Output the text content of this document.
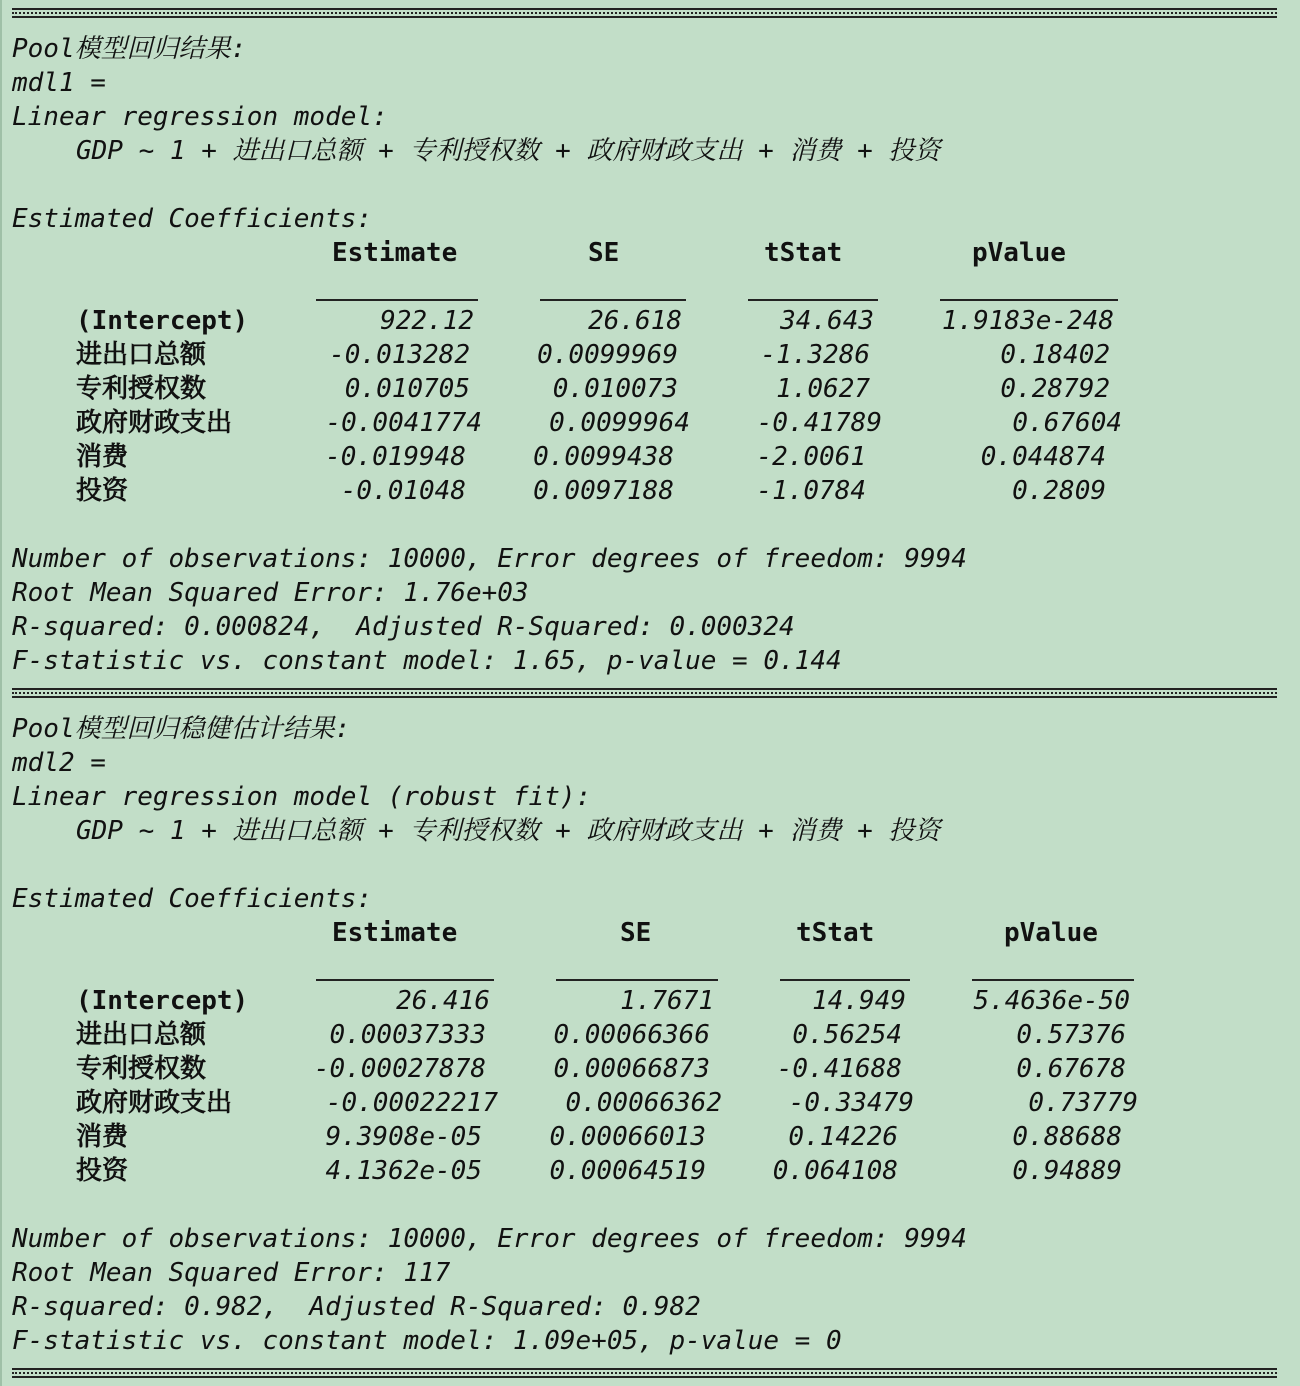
Pool模型回归结果:
mdl1 =
Linear regression model:
GDP ~ 1 + 进出口总额 + 专利授权数 + 政府财政支出 + 消费 + 投资
Estimated Coefficients:
Estimate	SE	tStat	pValue
(Intercept)	922.12	26.618	34.643	1.9183e-248
进出口总额	-0.013282	0.0099969	-1.3286	0.18402
专利授权数	0.010705	0.010073	1.0627	0.28792
政府财政支出	-0.0041774	0.0099964	-0.41789	0.67604
消费	-0.019948	0.0099438	-2.0061	0.044874
投资	-0.01048	0.0097188	-1.0784	0.2809
Number of observations: 10000, Error degrees of freedom: 9994
Root Mean Squared Error: 1.76e+03
R-squared: 0.000824,  Adjusted R-Squared: 0.000324
F-statistic vs. constant model: 1.65, p-value = 0.144
Pool模型回归稳健估计结果:
mdl2 =
Linear regression model (robust fit):
GDP ~ 1 + 进出口总额 + 专利授权数 + 政府财政支出 + 消费 + 投资
Estimated Coefficients:
Estimate	SE	tStat	pValue
(Intercept)	26.416	1.7671	14.949	5.4636e-50
进出口总额	0.00037333	0.00066366	0.56254	0.57376
专利授权数	-0.00027878	0.00066873	-0.41688	0.67678
政府财政支出	-0.00022217	0.00066362	-0.33479	0.73779
消费	9.3908e-05	0.00066013	0.14226	0.88688
投资	4.1362e-05	0.00064519	0.064108	0.94889
Number of observations: 10000, Error degrees of freedom: 9994
Root Mean Squared Error: 117
R-squared: 0.982,  Adjusted R-Squared: 0.982
F-statistic vs. constant model: 1.09e+05, p-value = 0
